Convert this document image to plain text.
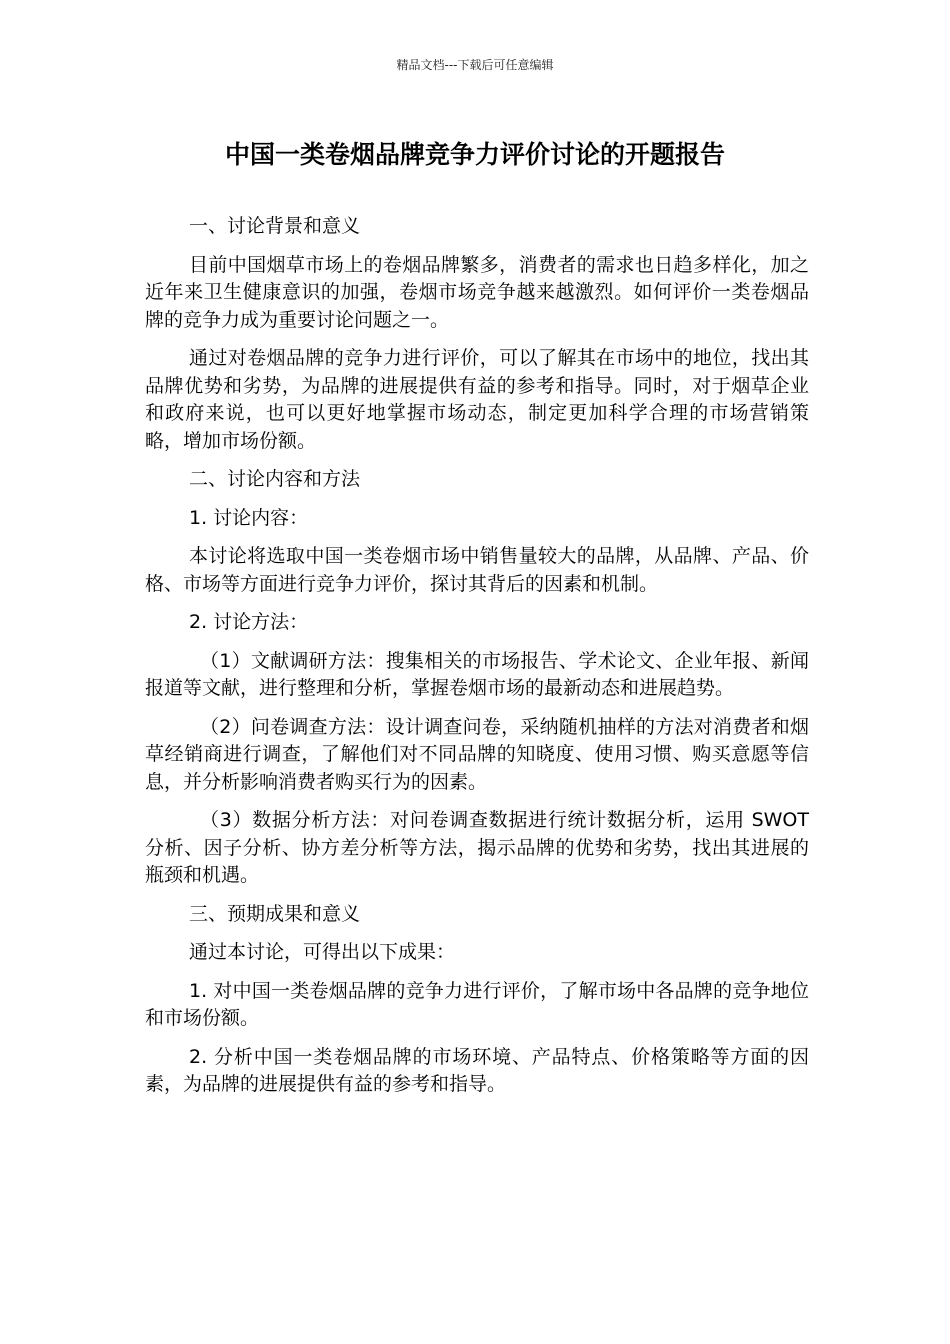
精品文档---下载后可任意编辑
中国一类卷烟品牌竞争力评价讨论的开题报告

一、讨论背景和意义

目前中国烟草市场上的卷烟品牌繁多，消费者的需求也日趋多样化，加之近年来卫生健康意识的加强，卷烟市场竞争越来越激烈。如何评价一类卷烟品牌的竞争力成为重要讨论问题之一。

通过对卷烟品牌的竞争力进行评价，可以了解其在市场中的地位，找出其品牌优势和劣势，为品牌的进展提供有益的参考和指导。同时，对于烟草企业和政府来说，也可以更好地掌握市场动态，制定更加科学合理的市场营销策略，增加市场份额。

二、讨论内容和方法

1. 讨论内容：

本讨论将选取中国一类卷烟市场中销售量较大的品牌，从品牌、产品、价格、市场等方面进行竞争力评价，探讨其背后的因素和机制。

2. 讨论方法：

（1）文献调研方法：搜集相关的市场报告、学术论文、企业年报、新闻报道等文献，进行整理和分析，掌握卷烟市场的最新动态和进展趋势。

（2）问卷调查方法：设计调查问卷，采纳随机抽样的方法对消费者和烟草经销商进行调查，了解他们对不同品牌的知晓度、使用习惯、购买意愿等信息，并分析影响消费者购买行为的因素。

（3）数据分析方法：对问卷调查数据进行统计数据分析，运用 SWOT 分析、因子分析、协方差分析等方法，揭示品牌的优势和劣势，找出其进展的瓶颈和机遇。

三、预期成果和意义

通过本讨论，可得出以下成果：

1. 对中国一类卷烟品牌的竞争力进行评价，了解市场中各品牌的竞争地位和市场份额。

2. 分析中国一类卷烟品牌的市场环境、产品特点、价格策略等方面的因素，为品牌的进展提供有益的参考和指导。
